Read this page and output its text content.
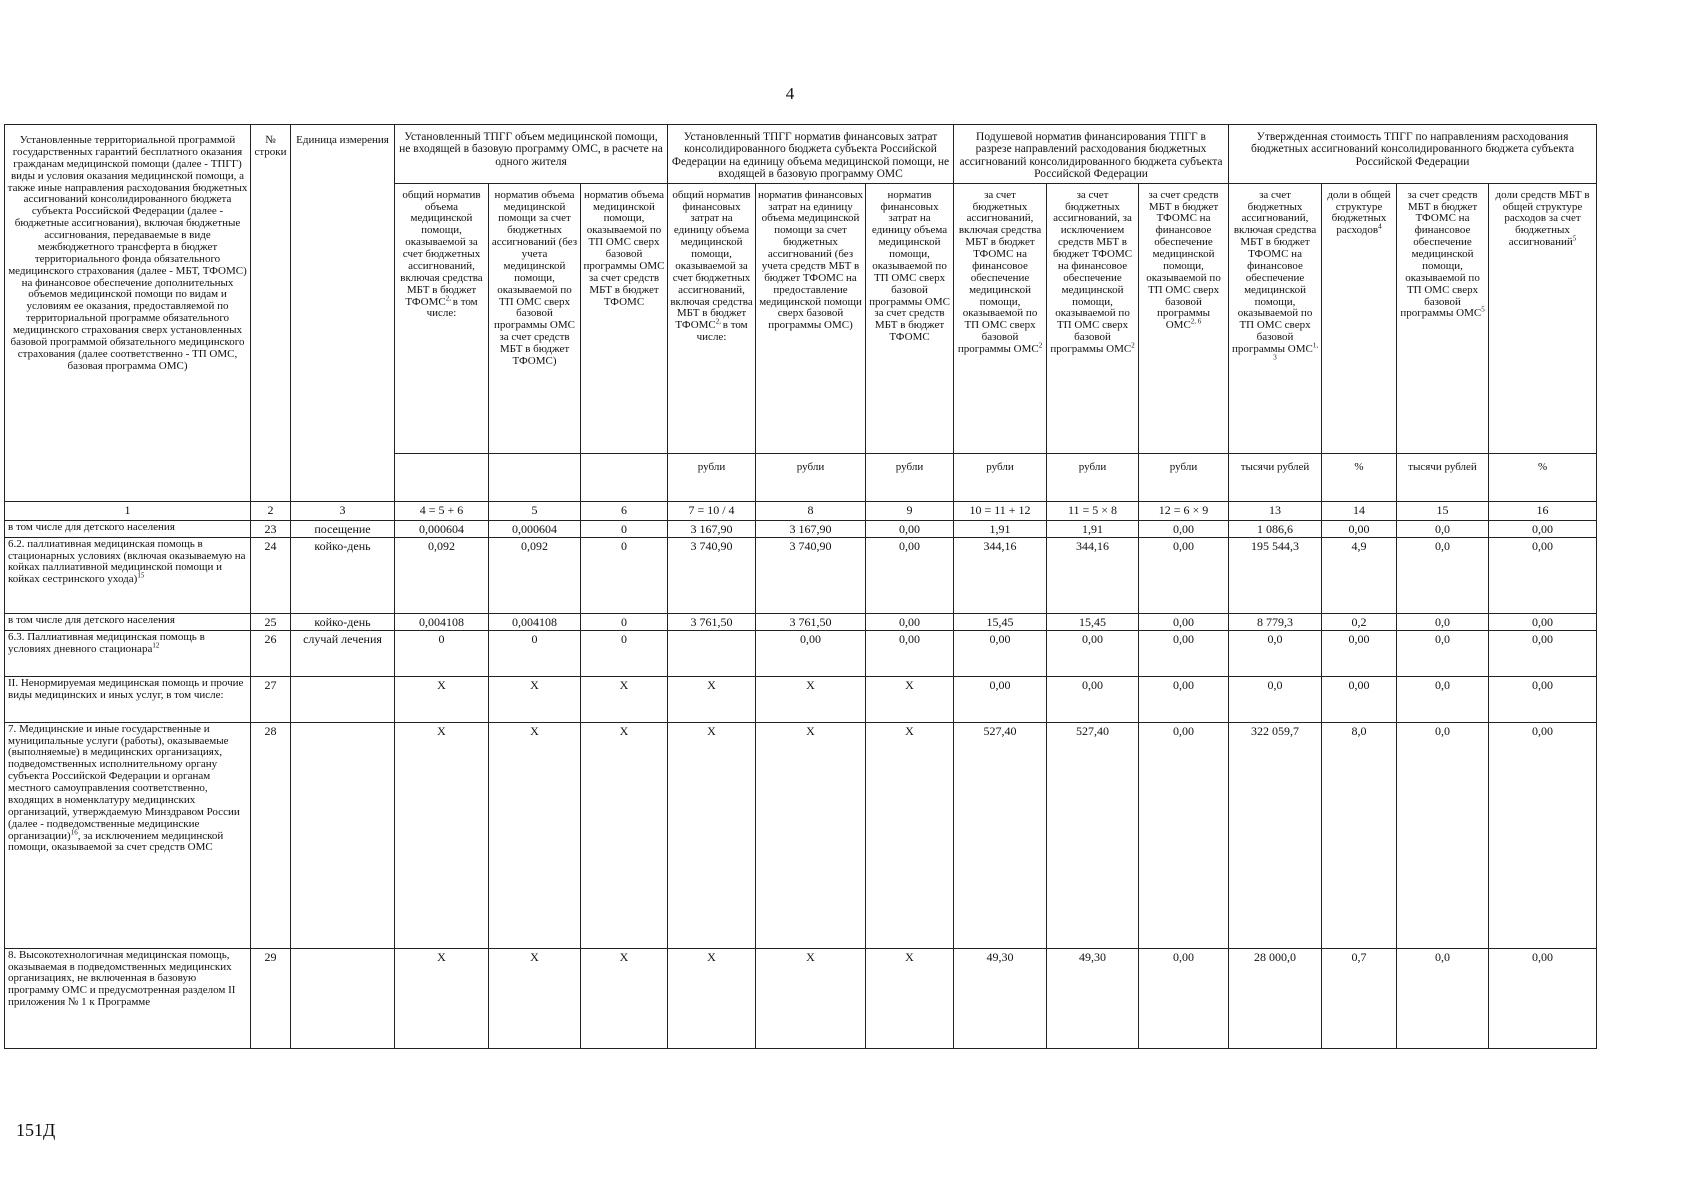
4
Установленные территориальной программой государственных гарантий бесплатного оказания гражданам медицинской помощи (далее - ТПГГ) виды и условия оказания медицинской помощи, а также иные направления расходования бюджетных ассигнований консолидированного бюджета субъекта Российской Федерации (далее - бюджетные ассигнования), включая бюджетные ассигнования, передаваемые в виде межбюджетного трансферта в бюджет территориального фонда обязательного медицинского страхования (далее - МБТ, ТФОМС) на финансовое обеспечение дополнительных объемов медицинской помощи по видам и условиям ее оказания, предоставляемой по территориальной программе обязательного медицинского страхования сверх установленных базовой программой обязательного медицинского страхования (далее соответственно - ТП ОМС, базовая программа ОМС)	№ строки	Единица измерения	Установленный ТПГГ объем медицинской помощи, не входящей в базовую программу ОМС, в расчете на одного жителя			Установленный ТПГГ норматив финансовых затрат консолидированного бюджета субъекта Российской Федерации на единицу объема медицинской помощи, не входящей в базовую программу ОМС			Подушевой норматив финансирования ТПГГ в разрезе направлений расходования бюджетных ассигнований консолидированного бюджета субъекта Российской Федерации			Утвержденная стоимость ТПГГ по направлениям расходования бюджетных ассигнований консолидированного бюджета субъекта Российской Федерации			
			общий норматив объема медицинской помощи, оказываемой за счет бюджетных ассигнований, включая средства МБТ в бюджет $ТФОМС^{2,}$ в том числе:	норматив объема медицинской помощи за счет бюджетных ассигнований (без учета медицинской помощи, оказываемой по ТП ОМС сверх базовой программы ОМС за счет средств МБТ в бюджет ТФОМС)	норматив объема медицинской помощи, оказываемой по ТП ОМС сверх базовой программы ОМС за счет средств МБТ в бюджет ТФОМС	общий норматив финансовых затрат на единицу объема медицинской помощи, оказываемой за счет бюджетных ассигнований, включая средства МБТ в бюджет $ТФОМС^{2,}$ в том числе:	норматив финансовых затрат на единицу объема медицинской помощи за счет бюджетных ассигнований (без учета средств МБТ в бюджет ТФОМС на предоставление медицинской помощи сверх базовой программы ОМС)	норматив финансовых затрат на единицу объема медицинской помощи, оказываемой по ТП ОМС сверх базовой программы ОМС за счет средств МБТ в бюджет ТФОМС	за счет бюджетных ассигнований, включая средства МБТ в бюджет ТФОМС на финансовое обеспечение медицинской помощи, оказываемой по ТП ОМС сверх базовой программы ОМС$^2$	за счет бюджетных ассигнований, за исключением средств МБТ в бюджет ТФОМС на финансовое обеспечение медицинской помощи, оказываемой по ТП ОМС сверх базовой программы ОМС$^2$	за счет средств МБТ в бюджет ТФОМС на финансовое обеспечение медицинской помощи, оказываемой по ТП ОМС сверх базовой программы ОМС$^{2, 6}$	за счет бюджетных ассигнований, включая средства МБТ в бюджет ТФОМС на финансовое обеспечение медицинской помощи, оказываемой по ТП ОМС сверх базовой программы ОМС$^{1, 3}$	доли в общей структуре бюджетных расходов$^4$	за счет средств МБТ в бюджет ТФОМС на финансовое обеспечение медицинской помощи, оказываемой по ТП ОМС сверх базовой программы ОМС$^5$	доли средств МБТ в общей структуре расходов за счет бюджетных ассигнований$^5$
						рубли	рубли	рубли	рубли	рубли	рубли	тысячи рублей	%	тысячи рублей	%
1	2	3	4 = 5 + 6	5	6	7 = 10 / 4	8	9	10 = 11 + 12	11 = 5 × 8	12 = 6 × 9	13	14	15	16
в том числе для детского населения	23	посещение	0,000604	0,000604	0	3 167,90	3 167,90	0,00	1,91	1,91	0,00	1 086,6	0,00	0,0	0,00
6.2. паллиативная медицинская помощь в стационарных условиях (включая оказываемую на койках паллиативной медицинской помощи и койках сестринского ухода)$^{15}$	24	койко-день	0,092	0,092	0	3 740,90	3 740,90	0,00	344,16	344,16	0,00	195 544,3	4,9	0,0	0,00
в том числе для детского населения	25	койко-день	0,004108	0,004108	0	3 761,50	3 761,50	0,00	15,45	15,45	0,00	8 779,3	0,2	0,0	0,00
6.3. Паллиативная медицинская помощь в условиях дневного стационара$^{12}$	26	случай лечения	0	0	0		0,00	0,00	0,00	0,00	0,00	0,0	0,00	0,0	0,00
II. Ненормируемая медицинская помощь и прочие виды медицинских и иных услуг, в том числе:	27		X	X	X	X	X	X	0,00	0,00	0,00	0,0	0,00	0,0	0,00
7. Медицинские и иные государственные и муниципальные услуги (работы), оказываемые (выполняемые) в медицинских организациях, подведомственных исполнительному органу субъекта Российской Федерации и органам местного самоуправления соответственно, входящих в номенклатуру медицинских организаций, утверждаемую Минздравом России (далее - подведомственные медицинские организации)$^{16}$, за исключением медицинской помощи, оказываемой за счет средств ОМС	28		X	X	X	X	X	X	527,40	527,40	0,00	322 059,7	8,0	0,0	0,00
8. Высокотехнологичная медицинская помощь, оказываемая в подведомственных медицинских организациях, не включенная в базовую программу ОМС и предусмотренная разделом II приложения № 1 к Программе	29		X	X	X	X	X	X	49,30	49,30	0,00	28 000,0	0,7	0,0	0,00
151Д
